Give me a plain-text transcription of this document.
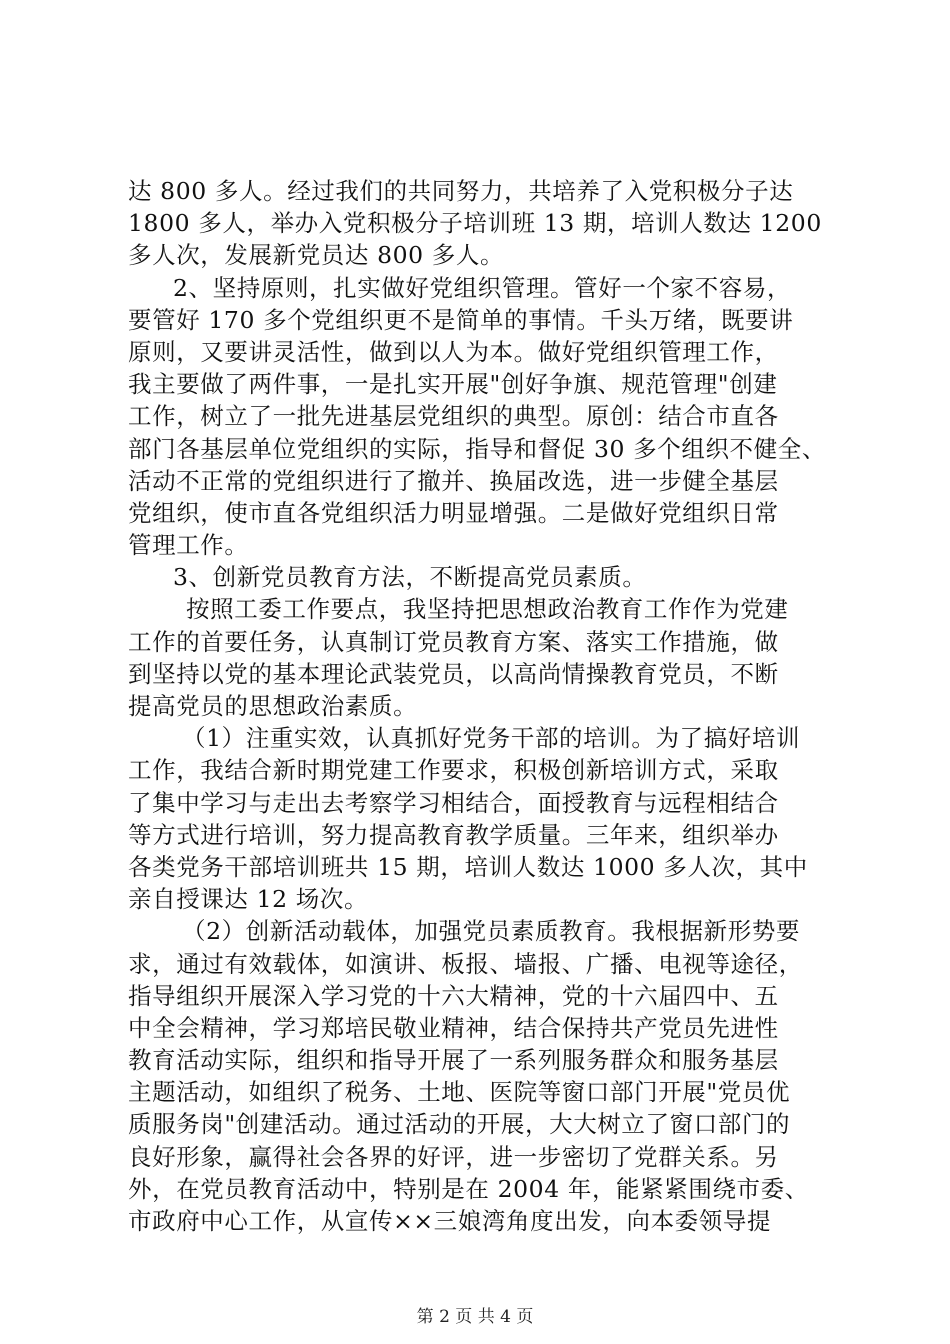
达 800 多人。经过我们的共同努力，共培养了入党积极分子达
1800 多人，举办入党积极分子培训班 13 期，培训人数达 1200
多人次，发展新党员达 800 多人。
2、坚持原则，扎实做好党组织管理。管好一个家不容易，
要管好 170 多个党组织更不是简单的事情。千头万绪，既要讲
原则，又要讲灵活性，做到以人为本。做好党组织管理工作，
我主要做了两件事，一是扎实开展"创好争旗、规范管理"创建
工作，树立了一批先进基层党组织的典型。原创：结合市直各
部门各基层单位党组织的实际，指导和督促 30 多个组织不健全、
活动不正常的党组织进行了撤并、换届改选，进一步健全基层
党组织，使市直各党组织活力明显增强。二是做好党组织日常
管理工作。
3、创新党员教育方法，不断提高党员素质。
按照工委工作要点，我坚持把思想政治教育工作作为党建
工作的首要任务，认真制订党员教育方案、落实工作措施，做
到坚持以党的基本理论武装党员，以高尚情操教育党员，不断
提高党员的思想政治素质。
（1）注重实效，认真抓好党务干部的培训。为了搞好培训
工作，我结合新时期党建工作要求，积极创新培训方式，采取
了集中学习与走出去考察学习相结合，面授教育与远程相结合
等方式进行培训，努力提高教育教学质量。三年来，组织举办
各类党务干部培训班共 15 期，培训人数达 1000 多人次，其中
亲自授课达 12 场次。
（2）创新活动载体，加强党员素质教育。我根据新形势要
求，通过有效载体，如演讲、板报、墙报、广播、电视等途径，
指导组织开展深入学习党的十六大精神，党的十六届四中、五
中全会精神，学习郑培民敬业精神，结合保持共产党员先进性
教育活动实际，组织和指导开展了一系列服务群众和服务基层
主题活动，如组织了税务、土地、医院等窗口部门开展"党员优
质服务岗"创建活动。通过活动的开展，大大树立了窗口部门的
良好形象，赢得社会各界的好评，进一步密切了党群关系。另
外，在党员教育活动中，特别是在 2004 年，能紧紧围绕市委、
市政府中心工作，从宣传××三娘湾角度出发，向本委领导提
第 2 页 共 4 页
